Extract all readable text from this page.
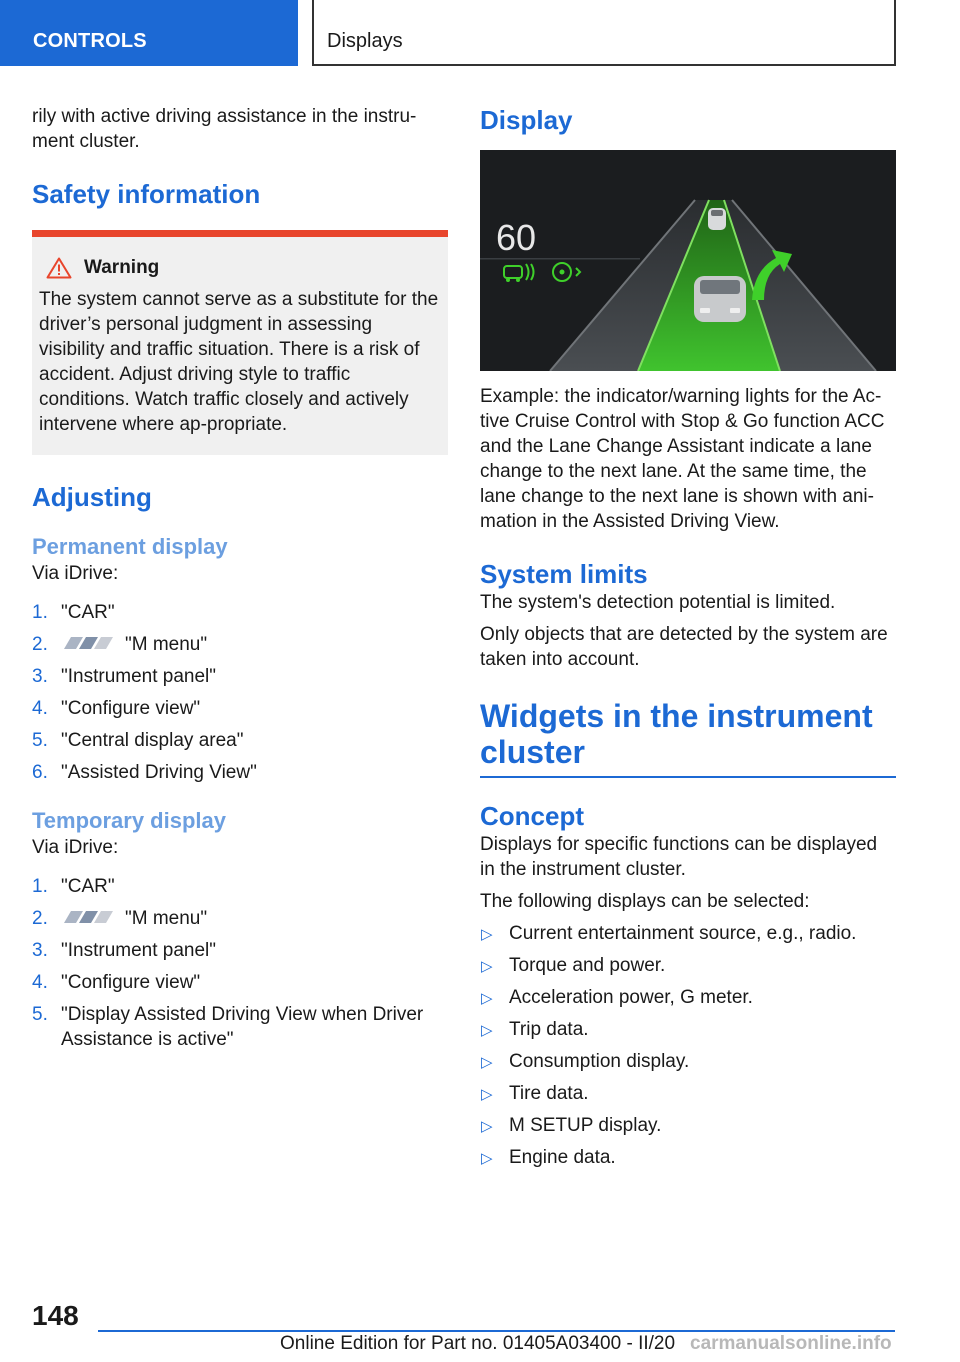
CONTROLS	Displays

rily with active driving assistance in the instru-ment cluster.

Safety information
Warning

The system cannot serve as a substitute for the driver’s personal judgment in assessing visibility and traffic situation. There is a risk of accident. Adjust driving style to traffic conditions. Watch traffic closely and actively intervene where ap-propriate.

Adjusting
Permanent display

Via iDrive:

1. "CAR"
2.	"M menu"
3. "Instrument panel"
4. "Configure view"
5. "Central display area"
6. "Assisted Driving View"
Temporary display

Via iDrive:

1. "CAR"
2.	"M menu"
3. "Instrument panel"
4. "Configure view"
5. "Display Assisted Driving View when Driver Assistance is active"
Display
60

Example: the indicator/warning lights for the Ac-tive Cruise Control with Stop & Go function ACC and the Lane Change Assistant indicate a lane change to the next lane. At the same time, the lane change to the next lane is shown with ani-mation in the Assisted Driving View.

System limits

The system's detection potential is limited.

Only objects that are detected by the system are taken into account.

Widgets in the instrument cluster
Concept

Displays for specific functions can be displayed in the instrument cluster.

The following displays can be selected:

▷ Current entertainment source, e.g., radio.
▷ Torque and power.
▷ Acceleration power, G meter.
▷ Trip data.
▷ Consumption display.
▷ Tire data.
▷ M SETUP display.
▷ Engine data.
148
Online Edition for Part no. 01405A03400 - II/20 carmanualsonline.info
